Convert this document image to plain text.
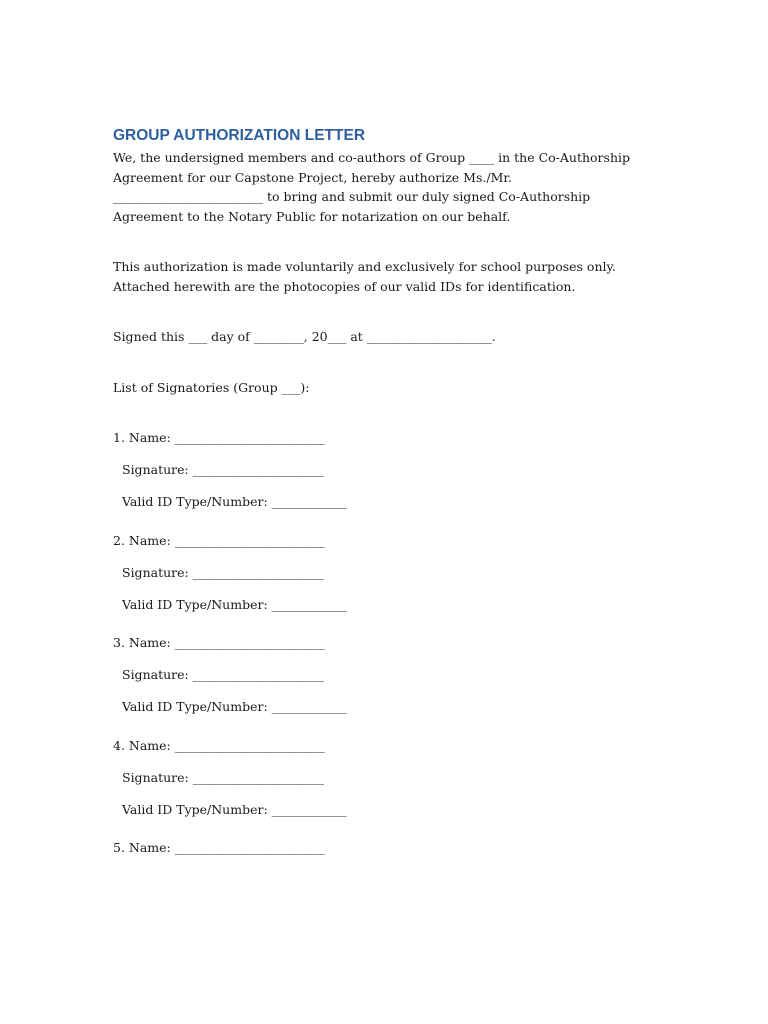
GROUP AUTHORIZATION LETTER

We, the undersigned members and co-authors of Group ____ in the Co-Authorship Agreement for our Capstone Project, hereby authorize Ms./Mr. ________________________ to bring and submit our duly signed Co-Authorship Agreement to the Notary Public for notarization on our behalf.

This authorization is made voluntarily and exclusively for school purposes only. Attached herewith are the photocopies of our valid IDs for identification.

Signed this ___ day of ________, 20___ at ____________________.

List of Signatories (Group ___):

1. Name: ________________________
Signature: _____________________
Valid ID Type/Number: ____________
2. Name: ________________________
Signature: _____________________
Valid ID Type/Number: ____________
3. Name: ________________________
Signature: _____________________
Valid ID Type/Number: ____________
4. Name: ________________________
Signature: _____________________
Valid ID Type/Number: ____________
5. Name: ________________________
